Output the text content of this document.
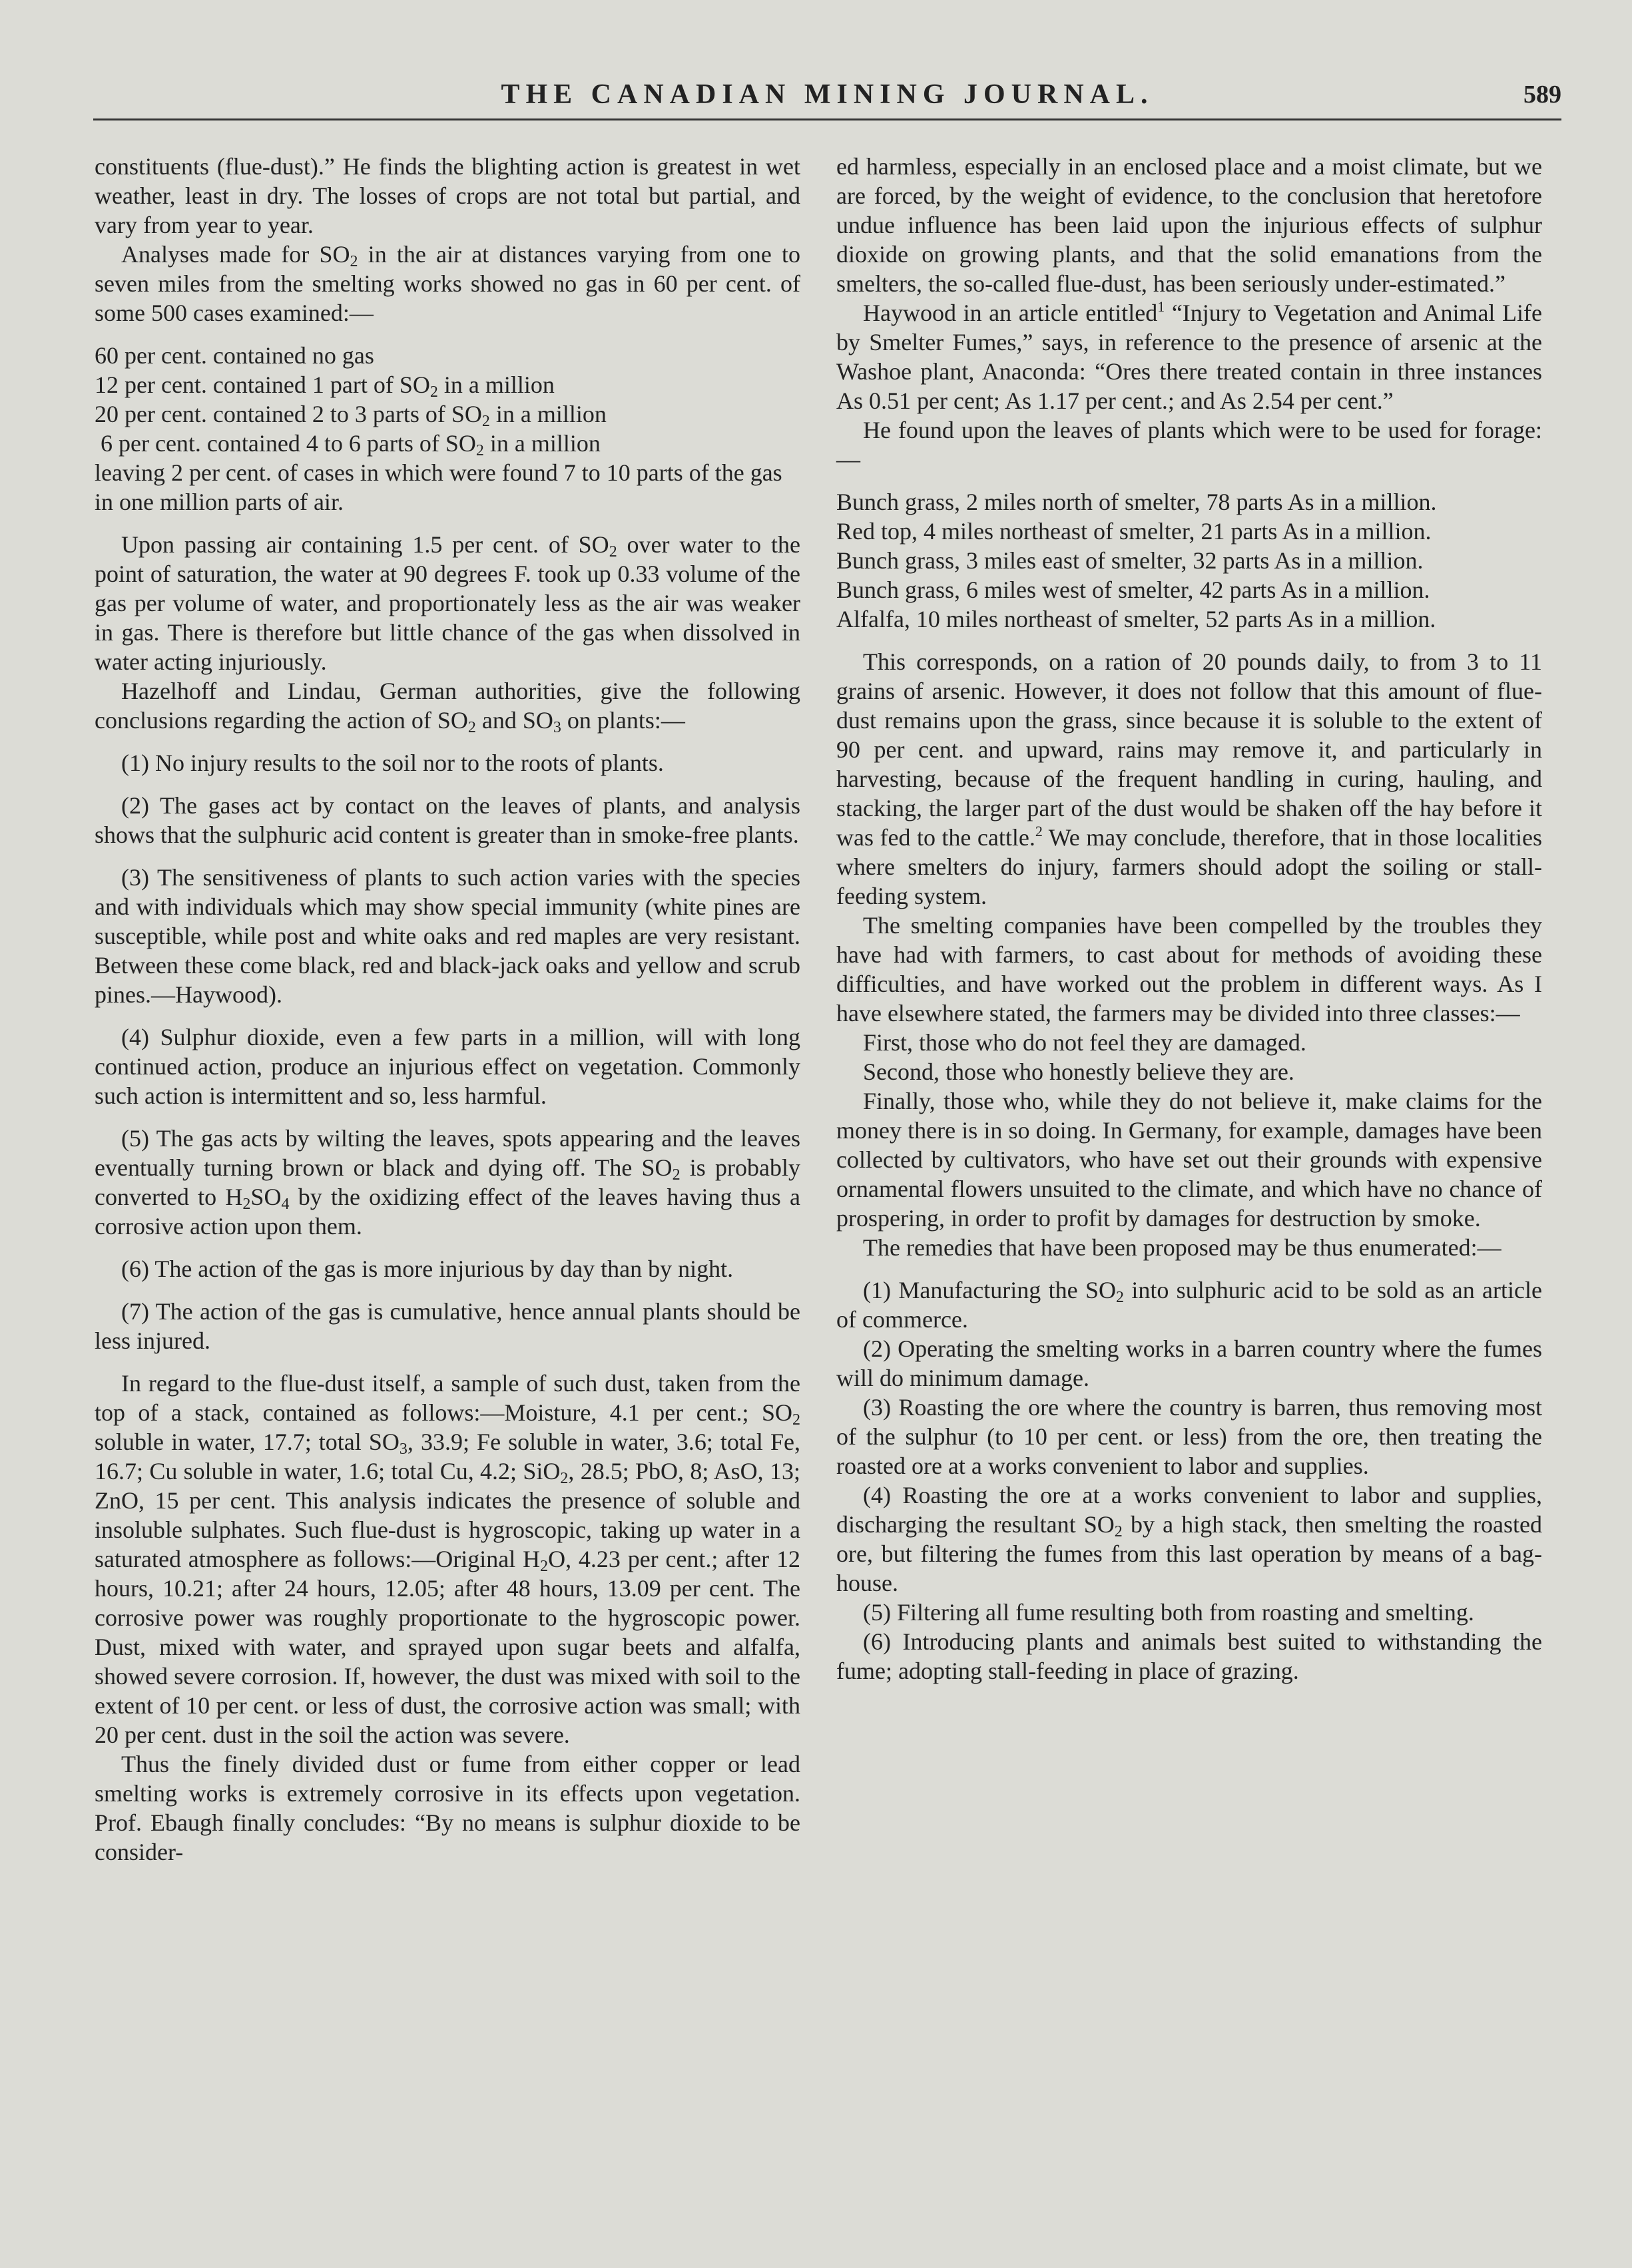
THE CANADIAN MINING JOURNAL.	589

constituents (flue-dust).” He finds the blighting action is greatest in wet weather, least in dry. The losses of crops are not total but partial, and vary from year to year.

Analyses made for $SO_2$ in the air at distances varying from one to seven miles from the smelting works showed no gas in 60 per cent. of some 500 cases examined:—

60 per cent. contained no gas
12 per cent. contained 1 part of $SO_2$ in a million
20 per cent. contained 2 to 3 parts of $SO_2$ in a million
6 per cent. contained 4 to 6 parts of $SO_2$ in a million
leaving 2 per cent. of cases in which were found 7 to 10 parts of the gas in one million parts of air.

Upon passing air containing 1.5 per cent. of $SO_2$ over water to the point of saturation, the water at 90 degrees F. took up 0.33 volume of the gas per volume of water, and proportionately less as the air was weaker in gas. There is therefore but little chance of the gas when dissolved in water acting injuriously.

Hazelhoff and Lindau, German authorities, give the following conclusions regarding the action of $SO_2$ and $SO_3$ on plants:—

(1) No injury results to the soil nor to the roots of plants.

(2) The gases act by contact on the leaves of plants, and analysis shows that the sulphuric acid content is greater than in smoke-free plants.

(3) The sensitiveness of plants to such action varies with the species and with individuals which may show special immunity (white pines are susceptible, while post and white oaks and red maples are very resistant. Between these come black, red and black-jack oaks and yellow and scrub pines.—Haywood).

(4) Sulphur dioxide, even a few parts in a million, will with long continued action, produce an injurious effect on vegetation. Commonly such action is intermittent and so, less harmful.

(5) The gas acts by wilting the leaves, spots appearing and the leaves eventually turning brown or black and dying off. The $SO_2$ is probably converted to $H_2SO_4$ by the oxidizing effect of the leaves having thus a corrosive action upon them.

(6) The action of the gas is more injurious by day than by night.

(7) The action of the gas is cumulative, hence annual plants should be less injured.

In regard to the flue-dust itself, a sample of such dust, taken from the top of a stack, contained as follows:—Moisture, 4.1 per cent.; $SO_2$ soluble in water, 17.7; total $SO_3$, 33.9; Fe soluble in water, 3.6; total Fe, 16.7; Cu soluble in water, 1.6; total Cu, 4.2; SiO$_2$, 28.5; PbO, 8; AsO, 13; ZnO, 15 per cent. This analysis indicates the presence of soluble and insoluble sulphates. Such flue-dust is hygroscopic, taking up water in a saturated atmosphere as follows:—Original $H_2O$, 4.23 per cent.; after 12 hours, 10.21; after 24 hours, 12.05; after 48 hours, 13.09 per cent. The corrosive power was roughly proportionate to the hygroscopic power. Dust, mixed with water, and sprayed upon sugar beets and alfalfa, showed severe corrosion. If, however, the dust was mixed with soil to the extent of 10 per cent. or less of dust, the corrosive action was small; with 20 per cent. dust in the soil the action was severe.

Thus the finely divided dust or fume from either copper or lead smelting works is extremely corrosive in its effects upon vegetation. Prof. Ebaugh finally concludes: “By no means is sulphur dioxide to be consider-

ed harmless, especially in an enclosed place and a moist climate, but we are forced, by the weight of evidence, to the conclusion that heretofore undue influence has been laid upon the injurious effects of sulphur dioxide on growing plants, and that the solid emanations from the smelters, the so-called flue-dust, has been seriously under-estimated.”

Haywood in an article entitled$^1$ “Injury to Vegetation and Animal Life by Smelter Fumes,” says, in reference to the presence of arsenic at the Washoe plant, Anaconda: “Ores there treated contain in three instances As 0.51 per cent; As 1.17 per cent.; and As 2.54 per cent.”

He found upon the leaves of plants which were to be used for forage:—

Bunch grass, 2 miles north of smelter, 78 parts As in a million.

Red top, 4 miles northeast of smelter, 21 parts As in a million.

Bunch grass, 3 miles east of smelter, 32 parts As in a million.

Bunch grass, 6 miles west of smelter, 42 parts As in a million.

Alfalfa, 10 miles northeast of smelter, 52 parts As in a million.

This corresponds, on a ration of 20 pounds daily, to from 3 to 11 grains of arsenic. However, it does not follow that this amount of flue-dust remains upon the grass, since because it is soluble to the extent of 90 per cent. and upward, rains may remove it, and particularly in harvesting, because of the frequent handling in curing, hauling, and stacking, the larger part of the dust would be shaken off the hay before it was fed to the cattle.$^2$ We may conclude, therefore, that in those localities where smelters do injury, farmers should adopt the soiling or stall-feeding system.

The smelting companies have been compelled by the troubles they have had with farmers, to cast about for methods of avoiding these difficulties, and have worked out the problem in different ways. As I have elsewhere stated, the farmers may be divided into three classes:—

First, those who do not feel they are damaged.

Second, those who honestly believe they are.

Finally, those who, while they do not believe it, make claims for the money there is in so doing. In Germany, for example, damages have been collected by cultivators, who have set out their grounds with expensive ornamental flowers unsuited to the climate, and which have no chance of prospering, in order to profit by damages for destruction by smoke.

The remedies that have been proposed may be thus enumerated:—

(1) Manufacturing the $SO_2$ into sulphuric acid to be sold as an article of commerce.

(2) Operating the smelting works in a barren country where the fumes will do minimum damage.

(3) Roasting the ore where the country is barren, thus removing most of the sulphur (to 10 per cent. or less) from the ore, then treating the roasted ore at a works convenient to labor and supplies.

(4) Roasting the ore at a works convenient to labor and supplies, discharging the resultant $SO_2$ by a high stack, then smelting the roasted ore, but filtering the fumes from this last operation by means of a bag-house.

(5) Filtering all fume resulting both from roasting and smelting.

(6) Introducing plants and animals best suited to withstanding the fume; adopting stall-feeding in place of grazing.
